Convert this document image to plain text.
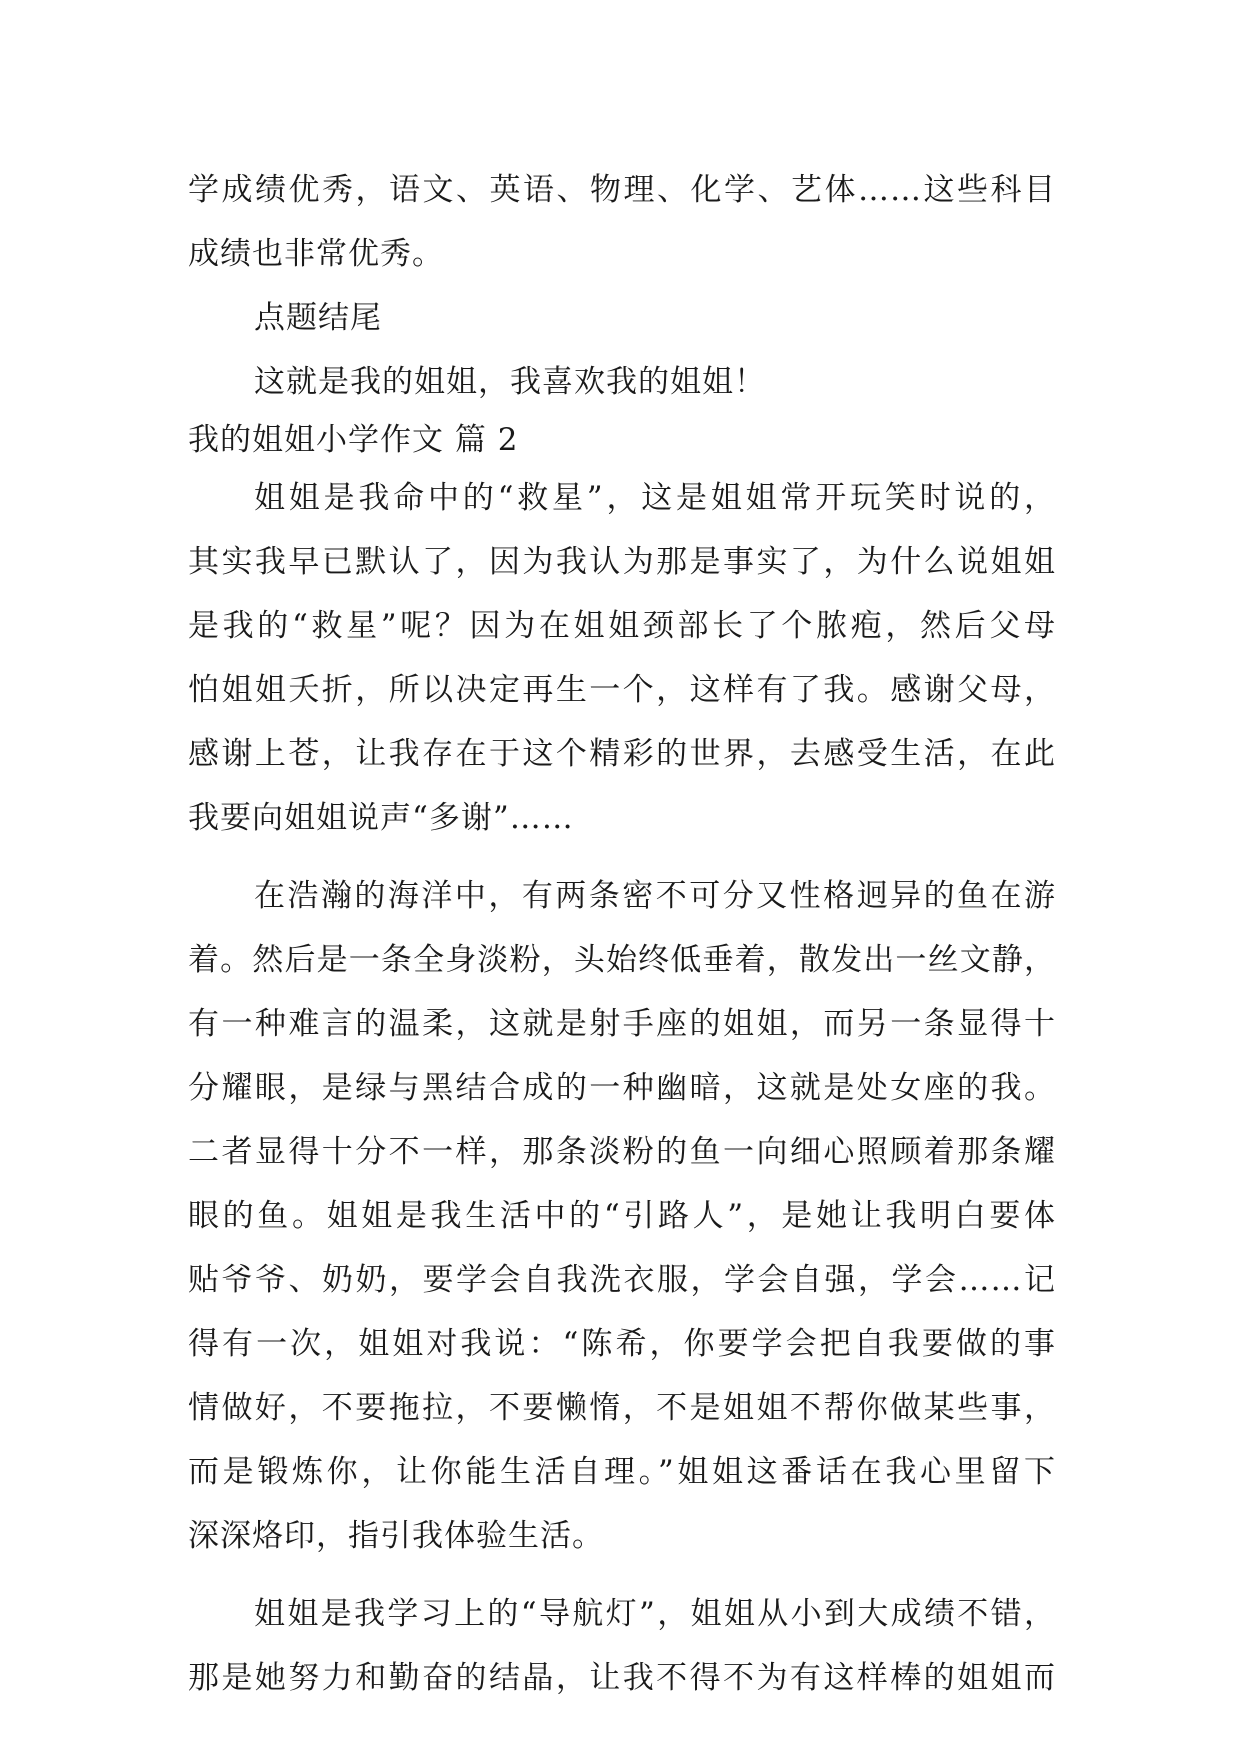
学成绩优秀，语文、英语、物理、化学、艺体……这些科目
成绩也非常优秀。
点题结尾
这就是我的姐姐，我喜欢我的姐姐！
我的姐姐小学作文 篇 2
姐姐是我命中的“救星”，这是姐姐常开玩笑时说的，
其实我早已默认了，因为我认为那是事实了，为什么说姐姐
是我的“救星”呢？因为在姐姐颈部长了个脓疱，然后父母
怕姐姐夭折，所以决定再生一个，这样有了我。感谢父母，
感谢上苍，让我存在于这个精彩的世界，去感受生活，在此
我要向姐姐说声“多谢”……
在浩瀚的海洋中，有两条密不可分又性格迥异的鱼在游
着。然后是一条全身淡粉，头始终低垂着，散发出一丝文静，
有一种难言的温柔，这就是射手座的姐姐，而另一条显得十
分耀眼，是绿与黑结合成的一种幽暗，这就是处女座的我。
二者显得十分不一样，那条淡粉的鱼一向细心照顾着那条耀
眼的鱼。姐姐是我生活中的“引路人”，是她让我明白要体
贴爷爷、奶奶，要学会自我洗衣服，学会自强，学会……记
得有一次，姐姐对我说：“陈希，你要学会把自我要做的事
情做好，不要拖拉，不要懒惰，不是姐姐不帮你做某些事，
而是锻炼你，让你能生活自理。”姐姐这番话在我心里留下
深深烙印，指引我体验生活。
姐姐是我学习上的“导航灯”，姐姐从小到大成绩不错，
那是她努力和勤奋的结晶，让我不得不为有这样棒的姐姐而
